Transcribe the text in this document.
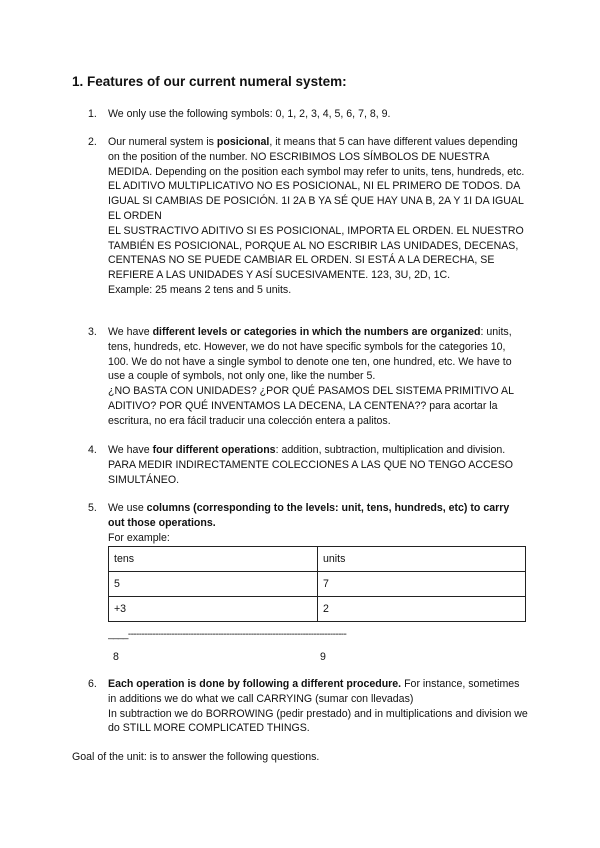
1. Features of our current numeral system:
1.	We only use the following symbols: 0, 1, 2, 3, 4, 5, 6, 7, 8, 9.

2.	Our numeral system is posicional, it means that 5 can have different values depending on the position of the number. NO ESCRIBIMOS LOS SÍMBOLOS DE NUESTRA MEDIDA. Depending on the position each symbol may refer to units, tens, hundreds, etc. EL ADITIVO MULTIPLICATIVO NO ES POSICIONAL, NI EL PRIMERO DE TODOS. DA IGUAL SI CAMBIAS DE POSICIÓN. 1I 2A B YA SÉ QUE HAY UNA B, 2A Y 1I DA IGUAL EL ORDEN

EL SUSTRACTIVO ADITIVO SI ES POSICIONAL, IMPORTA EL ORDEN. EL NUESTRO TAMBIÉN ES POSICIONAL, PORQUE AL NO ESCRIBIR LAS UNIDADES, DECENAS, CENTENAS NO SE PUEDE CAMBIAR EL ORDEN. SI ESTÁ A LA DERECHA, SE REFIERE A LAS UNIDADES Y ASÍ SUCESIVAMENTE. 123, 3U, 2D, 1C.

Example: 25 means 2 tens and 5 units.

3.	We have different levels or categories in which the numbers are organized: units, tens, hundreds, etc. However, we do not have specific symbols for the categories 10, 100. We do not have a single symbol to denote one ten, one hundred, etc. We have to use a couple of symbols, not only one, like the number 5.

¿NO BASTA CON UNIDADES? ¿POR QUÉ PASAMOS DEL SISTEMA PRIMITIVO AL ADITIVO? POR QUÉ INVENTAMOS LA DECENA, LA CENTENA?? para acortar la escritura, no era fácil traducir una colección entera a palitos.

4.	We have four different operations: addition, subtraction, multiplication and division. PARA MEDIR INDIRECTAMENTE COLECCIONES A LAS QUE NO TENGO ACCESO SIMULTÁNEO.

5.	We use columns (corresponding to the levels: unit, tens, hundreds, etc) to carry out those operations.

For example:

tens	units
5	7
+3	2
____--------------------------------------------------------------------------------
8	9
6.	Each operation is done by following a different procedure. For instance, sometimes in additions we do what we call CARRYING (sumar con llevadas)

In subtraction we do BORROWING (pedir prestado) and in multiplications and division we do STILL MORE COMPLICATED THINGS.

Goal of the unit: is to answer the following questions.
